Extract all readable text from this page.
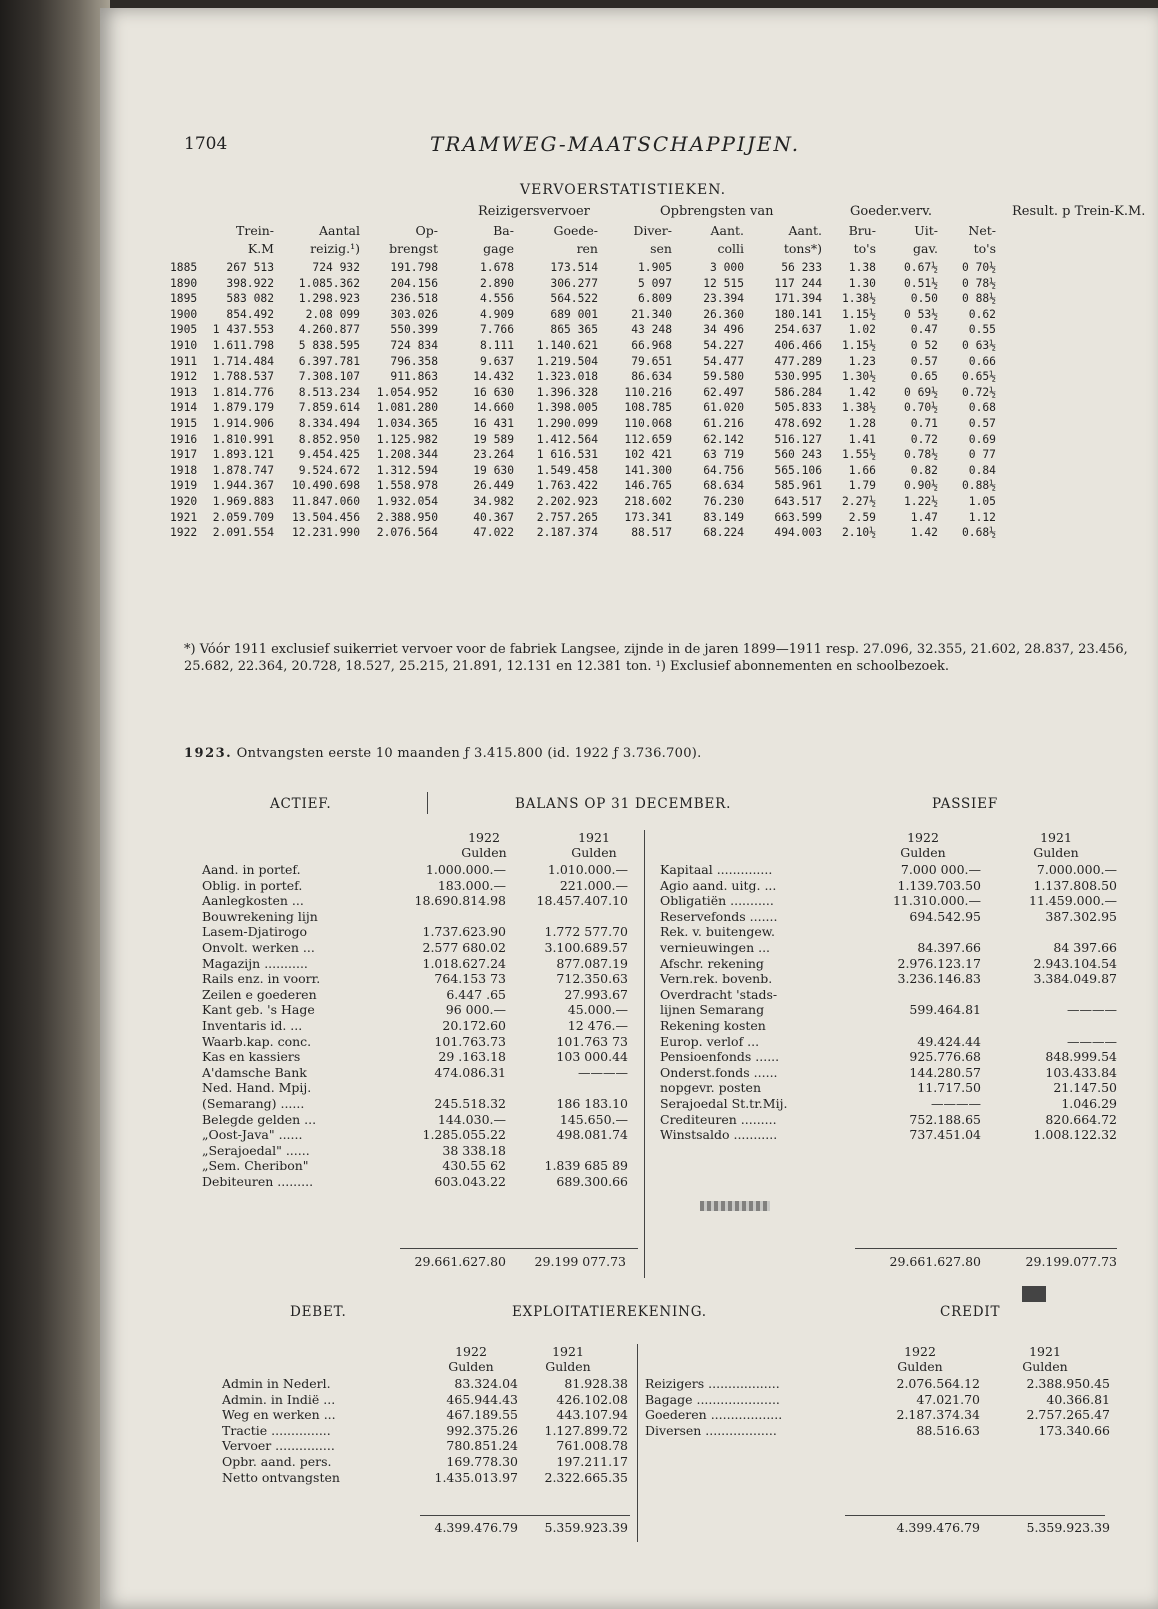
1704	TRAMWEG-MAATSCHAPPIJEN.
VERVOERSTATISTIEKEN.
Reizigersvervoer	Opbrengsten van	Goeder.verv.	Result. p Trein-K.M.
Trein-
K.M
Aantal
reizig.¹)
Op-
brengst
Ba-
gage
Goede-
ren
Diver-
sen
Aant.
colli
Aant.
tons*)
Bru-
to's
Uit-
gav.
Net-
to's
1885	267 513	724 932	191.798	1.678	173.514	1.905	3 000	56 233	1.38	0.67½	0 70½
1890	398.922	1.085.362	204.156	2.890	306.277	5 097	12 515	117 244	1.30	0.51½	0 78½
1895	583 082	1.298.923	236.518	4.556	564.522	6.809	23.394	171.394	1.38½	0.50	0 88½
1900	854.492	2.08 099	303.026	4.909	689 001	21.340	26.360	180.141	1.15½	0 53½	0.62
1905	1 437.553	4.260.877	550.399	7.766	865 365	43 248	34 496	254.637	1.02	0.47	0.55
1910	1.611.798	5 838.595	724 834	8.111	1.140.621	66.968	54.227	406.466	1.15½	0 52	0 63½
1911	1.714.484	6.397.781	796.358	9.637	1.219.504	79.651	54.477	477.289	1.23	0.57	0.66
1912	1.788.537	7.308.107	911.863	14.432	1.323.018	86.634	59.580	530.995	1.30½	0.65	0.65½
1913	1.814.776	8.513.234	1.054.952	16 630	1.396.328	110.216	62.497	586.284	1.42	0 69½	0.72½
1914	1.879.179	7.859.614	1.081.280	14.660	1.398.005	108.785	61.020	505.833	1.38½	0.70½	0.68
1915	1.914.906	8.334.494	1.034.365	16 431	1.290.099	110.068	61.216	478.692	1.28	0.71	0.57
1916	1.810.991	8.852.950	1.125.982	19 589	1.412.564	112.659	62.142	516.127	1.41	0.72	0.69
1917	1.893.121	9.454.425	1.208.344	23.264	1 616.531	102 421	63 719	560 243	1.55½	0.78½	0 77
1918	1.878.747	9.524.672	1.312.594	19 630	1.549.458	141.300	64.756	565.106	1.66	0.82	0.84
1919	1.944.367	10.490.698	1.558.978	26.449	1.763.422	146.765	68.634	585.961	1.79	0.90½	0.88½
1920	1.969.883	11.847.060	1.932.054	34.982	2.202.923	218.602	76.230	643.517	2.27½	1.22½	1.05
1921	2.059.709	13.504.456	2.388.950	40.367	2.757.265	173.341	83.149	663.599	2.59	1.47	1.12
1922	2.091.554	12.231.990	2.076.564	47.022	2.187.374	88.517	68.224	494.003	2.10½	1.42	0.68½
*) Vóór 1911 exclusief suikerriet vervoer voor de fabriek Langsee, zijnde in de jaren 1899—1911 resp. 27.096, 32.355, 21.602, 28.837, 23.456, 25.682, 22.364, 20.728, 18.527, 25.215, 21.891, 12.131 en 12.381 ton. ¹) Exclusief abonnementen en schoolbezoek.
1923. Ontvangsten eerste 10 maanden ƒ 3.415.800 (id. 1922 ƒ 3.736.700).
ACTIEF.	BALANS OP 31 DECEMBER.	PASSIEF
1922
Gulden
1921
Gulden
Aand. in portef.	1.000.000.—	1.010.000.—
Oblig. in portef.	183.000.—	221.000.—
Aanlegkosten ...	18.690.814.98	18.457.407.10
Bouwrekening lijn
Lasem-Djatirogo	1.737.623.90	1.772 577.70
Onvolt. werken ...	2.577 680.02	3.100.689.57
Magazijn ...........	1.018.627.24	877.087.19
Rails enz. in voorr.	764.153 73	712.350.63
Zeilen e goederen	6.447 .65	27.993.67
Kant geb. 's Hage	96 000.—	45.000.—
Inventaris id. ...	20.172.60	12 476.—
Waarb.kap. conc.	101.763.73	101.763 73
Kas en kassiers	29 .163.18	103 000.44
A'damsche Bank	474.086.31	————
Ned. Hand. Mpij.
(Semarang) ......	245.518.32	186 183.10
Belegde gelden ...	144.030.—	145.650.—
„Oost-Java" ......	1.285.055.22	498.081.74
„Serajoedal" ......	38 338.18
„Sem. Cheribon"	430.55 62	1.839 685 89
Debiteuren .........	603.043.22	689.300.66
1922
Gulden
1921
Gulden
Kapitaal ..............	7.000 000.—	7.000.000.—
Agio aand. uitg. ...	1.139.703.50	1.137.808.50
Obligatiën ...........	11.310.000.—	11.459.000.—
Reservefonds .......	694.542.95	387.302.95
Rek. v. buitengew.
vernieuwingen ...	84.397.66	84 397.66
Afschr. rekening	2.976.123.17	2.943.104.54
Vern.rek. bovenb.	3.236.146.83	3.384.049.87
Overdracht 'stads-
lijnen Semarang	599.464.81	————
Rekening kosten
Europ. verlof ...	49.424.44	————
Pensioenfonds ......	925.776.68	848.999.54
Onderst.fonds ......	144.280.57	103.433.84
nopgevr. posten	11.717.50	21.147.50
Serajoedal St.tr.Mij.	————	1.046.29
Crediteuren .........	752.188.65	820.664.72
Winstsaldo ...........	737.451.04	1.008.122.32
29.661.627.80	29.199 077.73	29.661.627.80	29.199.077.73
DEBET.	EXPLOITATIEREKENING.	CREDIT
1922
Gulden
1921
Gulden
Admin in Nederl.	83.324.04	81.928.38
Admin. in Indië ...	465.944.43	426.102.08
Weg en werken ...	467.189.55	443.107.94
Tractie ...............	992.375.26	1.127.899.72
Vervoer ...............	780.851.24	761.008.78
Opbr. aand. pers.	169.778.30	197.211.17
Netto ontvangsten	1.435.013.97	2.322.665.35
1922
Gulden
1921
Gulden
Reizigers ..................	2.076.564.12	2.388.950.45
Bagage .....................	47.021.70	40.366.81
Goederen ..................	2.187.374.34	2.757.265.47
Diversen ..................	88.516.63	173.340.66
4.399.476.79	5.359.923.39	4.399.476.79	5.359.923.39
